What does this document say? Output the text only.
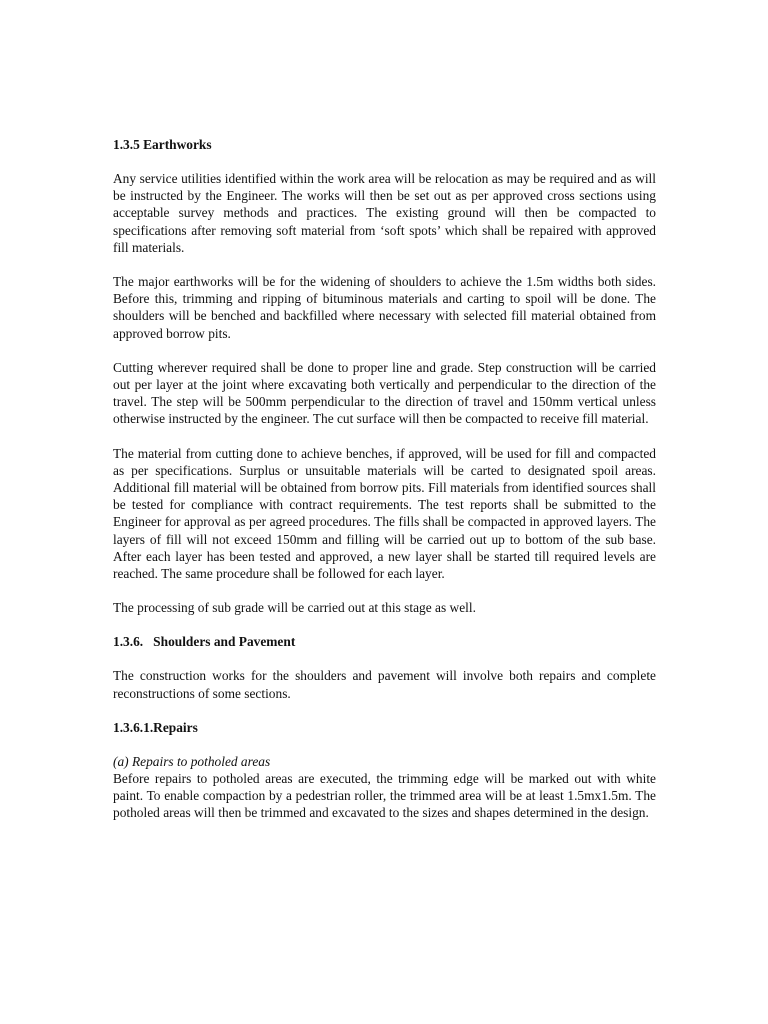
1.3.5 Earthworks

Any service utilities identified within the work area will be relocation as may be required and as will be instructed by the Engineer. The works will then be set out as per approved cross sections using acceptable survey methods and practices. The existing ground will then be compacted to specifications after removing soft material from ‘soft spots’ which shall be repaired with approved fill materials.

The major earthworks will be for the widening of shoulders to achieve the 1.5m widths both sides. Before this, trimming and ripping of bituminous materials and carting to spoil will be done. The shoulders will be benched and backfilled where necessary with selected fill material obtained from approved borrow pits.

Cutting wherever required shall be done to proper line and grade. Step construction will be carried out per layer at the joint where excavating both vertically and perpendicular to the direction of the travel. The step will be 500mm perpendicular to the direction of travel and 150mm vertical unless otherwise instructed by the engineer. The cut surface will then be compacted to receive fill material.

The material from cutting done to achieve benches, if approved, will be used for fill and compacted as per specifications. Surplus or unsuitable materials will be carted to designated spoil areas. Additional fill material will be obtained from borrow pits. Fill materials from identified sources shall be tested for compliance with contract requirements. The test reports shall be submitted to the Engineer for approval as per agreed procedures. The fills shall be compacted in approved layers. The layers of fill will not exceed 150mm and filling will be carried out up to bottom of the sub base. After each layer has been tested and approved, a new layer shall be started till required levels are reached. The same procedure shall be followed for each layer.

The processing of sub grade will be carried out at this stage as well.

1.3.6.   Shoulders and Pavement

The construction works for the shoulders and pavement will involve both repairs and complete reconstructions of some sections.

1.3.6.1.Repairs

(a) Repairs to potholed areas

Before repairs to potholed areas are executed, the trimming edge will be marked out with white paint. To enable compaction by a pedestrian roller, the trimmed area will be at least 1.5mx1.5m. The potholed areas will then be trimmed and excavated to the sizes and shapes determined in the design.
